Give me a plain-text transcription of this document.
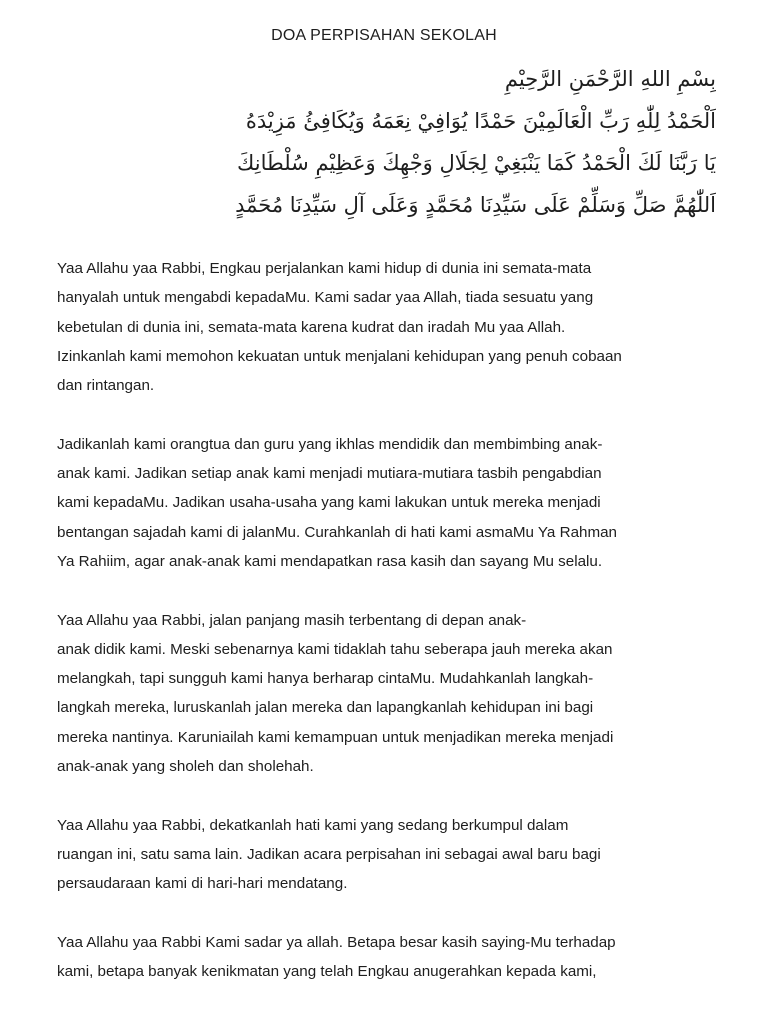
DOA PERPISAHAN SEKOLAH
بِسْمِ اللهِ الرَّحْمَنِ الرَّحِيْمِ
اَلْحَمْدُ لِلّٰهِ رَبِّ الْعَالَمِيْنَ حَمْدًا يُوَافِيْ نِعَمَهُ وَيُكَافِئُ مَزِيْدَهُ
يَا رَبَّنَا لَكَ الْحَمْدُ كَمَا يَنْبَغِيْ لِجَلَالِ وَجْهِكَ وَعَظِيْمِ سُلْطَانِكَ
اَللّٰهُمَّ صَلِّ وَسَلِّمْ عَلَى سَيِّدِنَا مُحَمَّدٍ وَعَلَى آلِ سَيِّدِنَا مُحَمَّدٍ
Yaa Allahu yaa Rabbi, Engkau perjalankan kami hidup di dunia ini semata-mata
hanyalah untuk mengabdi kepadaMu. Kami sadar yaa Allah, tiada sesuatu yang
kebetulan di dunia ini, semata-mata karena kudrat dan iradah Mu yaa Allah.
Izinkanlah kami memohon kekuatan untuk menjalani kehidupan yang penuh cobaan
dan rintangan.
Jadikanlah kami orangtua dan guru yang ikhlas mendidik dan membimbing anak-
anak kami. Jadikan setiap anak kami menjadi mutiara-mutiara tasbih pengabdian
kami kepadaMu. Jadikan usaha-usaha yang kami lakukan untuk mereka menjadi
bentangan sajadah kami di jalanMu. Curahkanlah di hati kami asmaMu Ya Rahman
Ya Rahiim, agar anak-anak kami mendapatkan rasa kasih dan sayang Mu selalu.
Yaa Allahu yaa Rabbi, jalan panjang masih terbentang di depan anak-
anak didik kami. Meski sebenarnya kami tidaklah tahu seberapa jauh mereka akan
melangkah, tapi sungguh kami hanya berharap cintaMu. Mudahkanlah langkah-
langkah mereka, luruskanlah jalan mereka dan lapangkanlah kehidupan ini bagi
mereka nantinya. Karuniailah kami kemampuan untuk menjadikan mereka menjadi
anak-anak yang sholeh dan sholehah.
Yaa Allahu yaa Rabbi, dekatkanlah hati kami yang sedang berkumpul dalam
ruangan ini, satu sama lain. Jadikan acara perpisahan ini sebagai awal baru bagi
persaudaraan kami di hari-hari mendatang.
Yaa Allahu yaa Rabbi Kami sadar ya allah. Betapa besar kasih saying-Mu terhadap
kami, betapa banyak kenikmatan yang telah Engkau anugerahkan kepada kami,
